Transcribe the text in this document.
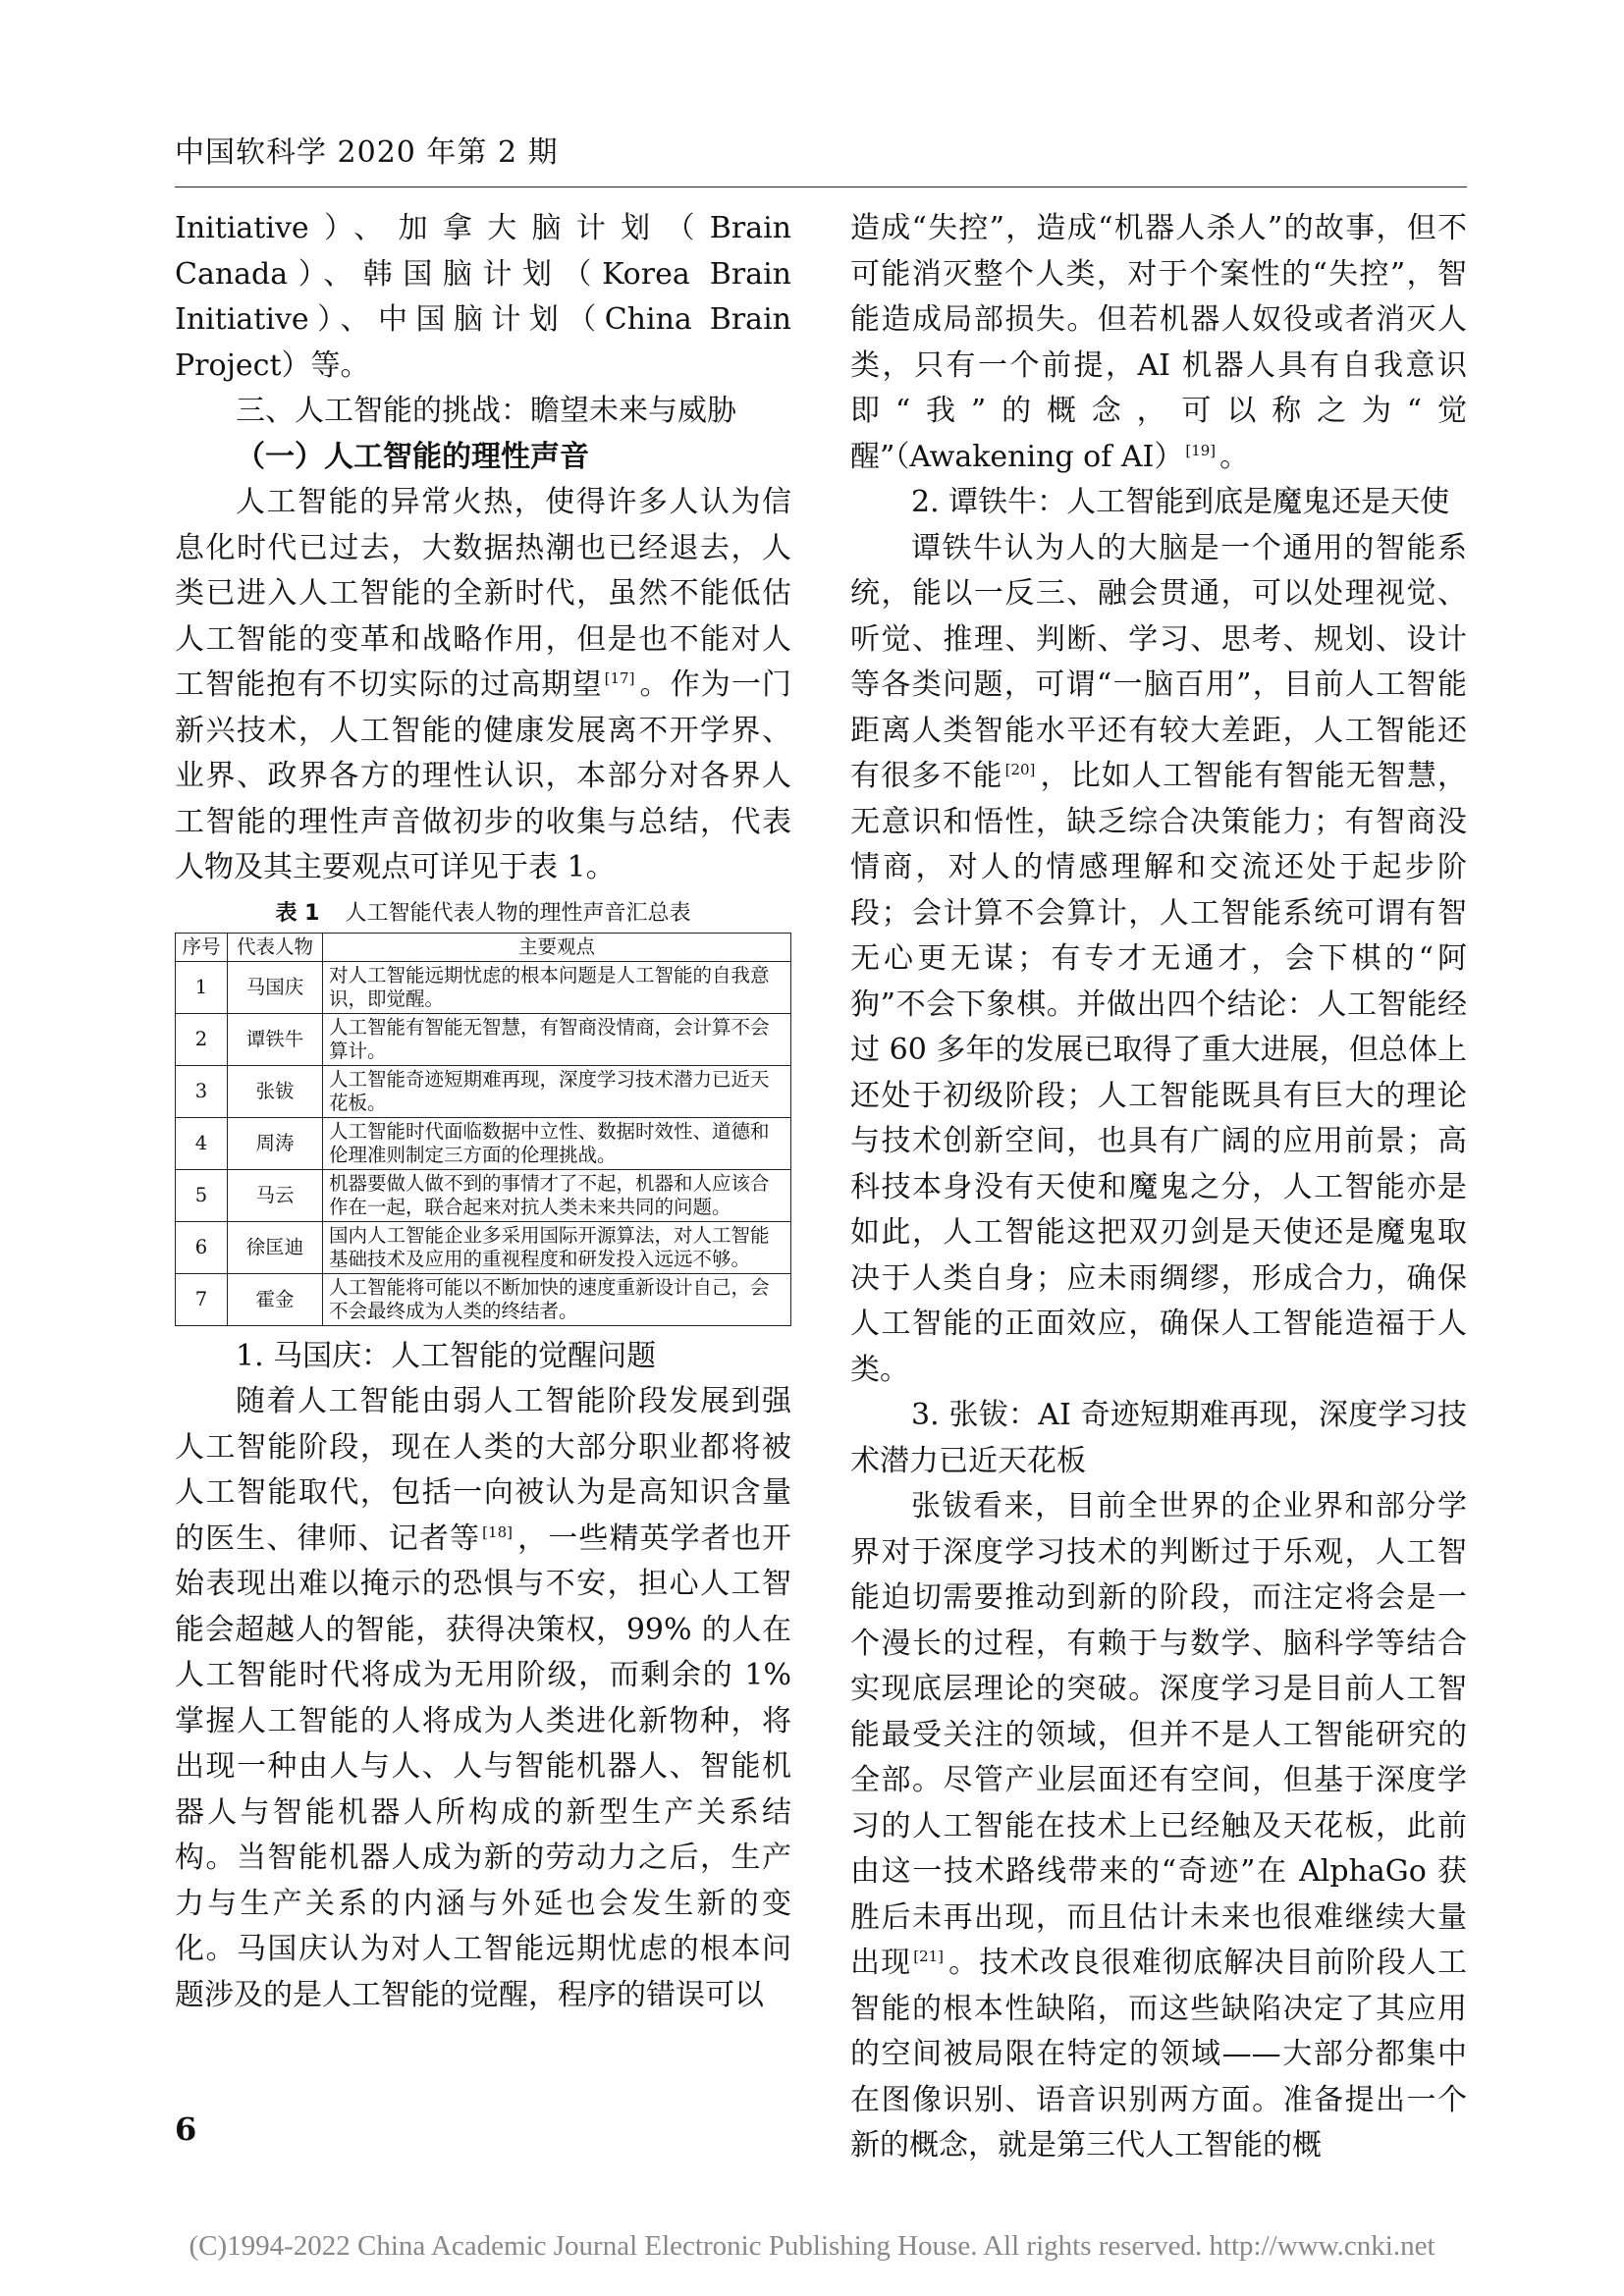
中国软科学 2020 年第 2 期

Initiative）、加拿大脑计划（Brain Canada）、韩国脑计划（Korea Brain Initiative）、中国脑计划（China Brain Project）等。

三、人工智能的挑战：瞻望未来与威胁

（一）人工智能的理性声音

人工智能的异常火热，使得许多人认为信息化时代已过去，大数据热潮也已经退去，人类已进入人工智能的全新时代，虽然不能低估人工智能的变革和战略作用，但是也不能对人工智能抱有不切实际的过高期望 [17] 。作为一门新兴技术，人工智能的健康发展离不开学界、业界、政界各方的理性认识，本部分对各界人工智能的理性声音做初步的收集与总结，代表人物及其主要观点可详见于表 1。

表 1 人工智能代表人物的理性声音汇总表
序号	代表人物	主要观点
1	马国庆	对人工智能远期忧虑的根本问题是人工智能的自我意识，即觉醒。
2	谭铁牛	人工智能有智能无智慧，有智商没情商，会计算不会算计。
3	张钹	人工智能奇迹短期难再现，深度学习技术潜力已近天花板。
4	周涛	人工智能时代面临数据中立性、数据时效性、道德和伦理准则制定三方面的伦理挑战。
5	马云	机器要做人做不到的事情才了不起，机器和人应该合作在一起，联合起来对抗人类未来共同的问题。
6	徐匡迪	国内人工智能企业多采用国际开源算法，对人工智能基础技术及应用的重视程度和研发投入远远不够。
7	霍金	人工智能将可能以不断加快的速度重新设计自己，会不会最终成为人类的终结者。

1. 马国庆：人工智能的觉醒问题

随着人工智能由弱人工智能阶段发展到强人工智能阶段，现在人类的大部分职业都将被人工智能取代，包括一向被认为是高知识含量的医生、律师、记者等 [18] ，一些精英学者也开始表现出难以掩示的恐惧与不安，担心人工智能会超越人的智能，获得决策权，99% 的人在人工智能时代将成为无用阶级，而剩余的 1% 掌握人工智能的人将成为人类进化新物种，将出现一种由人与人、人与智能机器人、智能机器人与智能机器人所构成的新型生产关系结构。当智能机器人成为新的劳动力之后，生产力与生产关系的内涵与外延也会发生新的变化。马国庆认为对人工智能远期忧虑的根本问题涉及的是人工智能的觉醒，程序的错误可以

造成“失控”，造成“机器人杀人”的故事，但不可能消灭整个人类，对于个案性的“失控”，智能造成局部损失。但若机器人奴役或者消灭人类，只有一个前提，AI 机器人具有自我意识即“我”的概念，可以称之为“觉醒”（Awakening of AI） [19] 。

2. 谭铁牛：人工智能到底是魔鬼还是天使

谭铁牛认为人的大脑是一个通用的智能系统，能以一反三、融会贯通，可以处理视觉、听觉、推理、判断、学习、思考、规划、设计等各类问题，可谓“一脑百用”，目前人工智能距离人类智能水平还有较大差距，人工智能还有很多不能 [20] ，比如人工智能有智能无智慧，无意识和悟性，缺乏综合决策能力；有智商没情商，对人的情感理解和交流还处于起步阶段；会计算不会算计，人工智能系统可谓有智无心更无谋；有专才无通才，会下棋的“阿狗”不会下象棋。并做出四个结论：人工智能经过 60 多年的发展已取得了重大进展，但总体上还处于初级阶段；人工智能既具有巨大的理论与技术创新空间，也具有广阔的应用前景；高科技本身没有天使和魔鬼之分，人工智能亦是如此，人工智能这把双刃剑是天使还是魔鬼取决于人类自身；应未雨绸缪，形成合力，确保人工智能的正面效应，确保人工智能造福于人类。

3. 张钹：AI 奇迹短期难再现，深度学习技术潜力已近天花板

张钹看来，目前全世界的企业界和部分学界对于深度学习技术的判断过于乐观，人工智能迫切需要推动到新的阶段，而注定将会是一个漫长的过程，有赖于与数学、脑科学等结合实现底层理论的突破。深度学习是目前人工智能最受关注的领域，但并不是人工智能研究的全部。尽管产业层面还有空间，但基于深度学习的人工智能在技术上已经触及天花板，此前由这一技术路线带来的“奇迹”在 AlphaGo 获胜后未再出现，而且估计未来也很难继续大量出现 [21] 。技术改良很难彻底解决目前阶段人工智能的根本性缺陷，而这些缺陷决定了其应用的空间被局限在特定的领域——大部分都集中在图像识别、语音识别两方面。准备提出一个新的概念，就是第三代人工智能的概

6
(C)1994-2022 China Academic Journal Electronic Publishing House. All rights reserved. http://www.cnki.net
